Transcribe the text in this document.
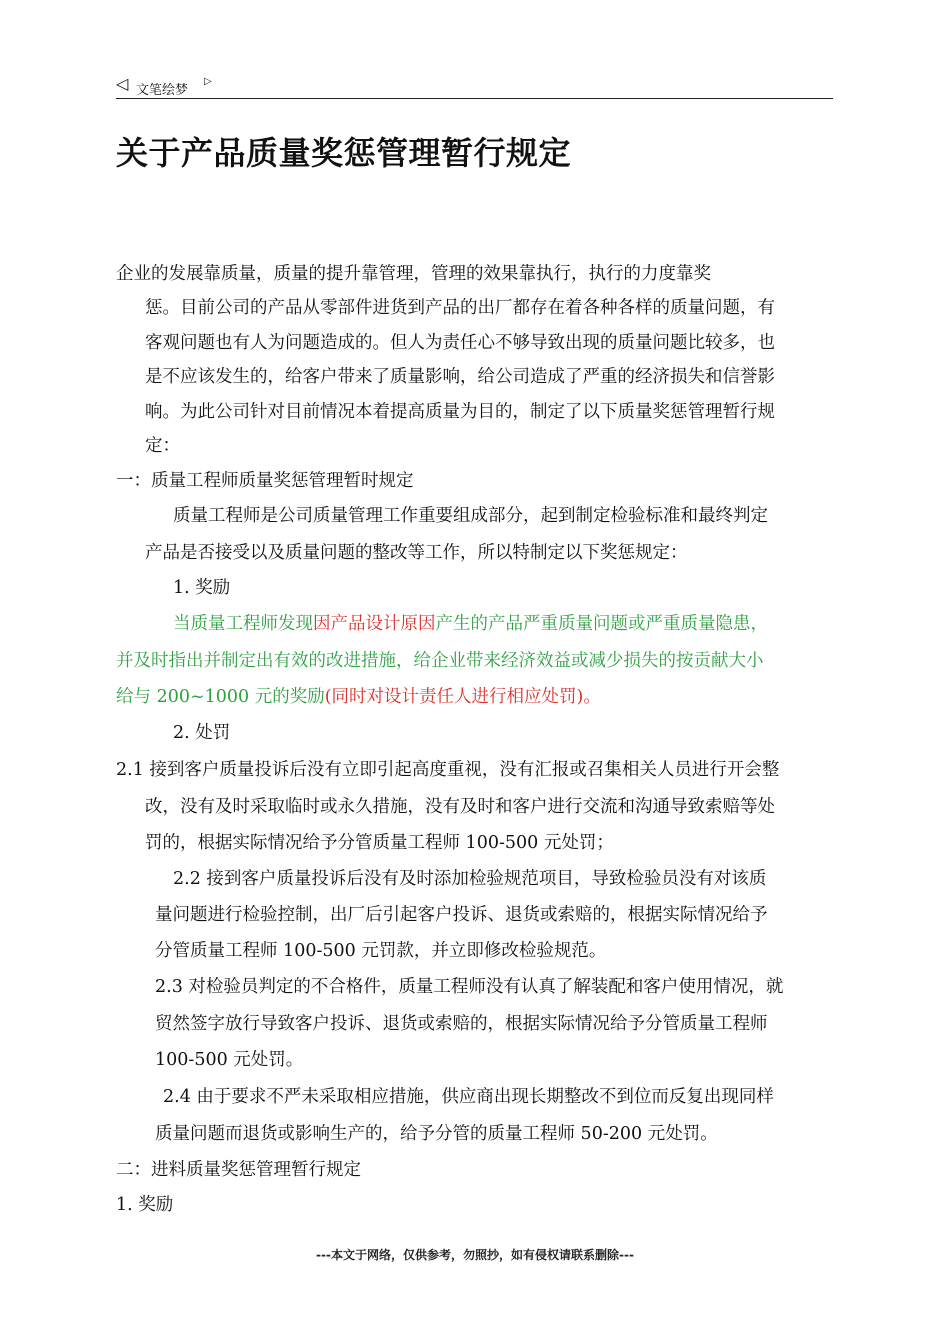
◁ 文笔绘梦
▷
关于产品质量奖惩管理暂行规定
企业的发展靠质量，质量的提升靠管理，管理的效果靠执行，执行的力度靠奖
惩。目前公司的产品从零部件进货到产品的出厂都存在着各种各样的质量问题，有
客观问题也有人为问题造成的。但人为责任心不够导致出现的质量问题比较多，也
是不应该发生的，给客户带来了质量影响，给公司造成了严重的经济损失和信誉影
响。为此公司针对目前情况本着提高质量为目的，制定了以下质量奖惩管理暂行规
定：
一：质量工程师质量奖惩管理暂时规定
质量工程师是公司质量管理工作重要组成部分，起到制定检验标准和最终判定
产品是否接受以及质量问题的整改等工作，所以特制定以下奖惩规定：
1. 奖励
当质量工程师发现因产品设计原因产生的产品严重质量问题或严重质量隐患，
并及时指出并制定出有效的改进措施，给企业带来经济效益或减少损失的按贡献大小
给与 200~1000 元的奖励(同时对设计责任人进行相应处罚)。
2. 处罚
2.1 接到客户质量投诉后没有立即引起高度重视，没有汇报或召集相关人员进行开会整
改，没有及时采取临时或永久措施，没有及时和客户进行交流和沟通导致索赔等处
罚的，根据实际情况给予分管质量工程师 100-500 元处罚；
2.2 接到客户质量投诉后没有及时添加检验规范项目，导致检验员没有对该质
量问题进行检验控制，出厂后引起客户投诉、退货或索赔的，根据实际情况给予
分管质量工程师 100-500 元罚款，并立即修改检验规范。
2.3 对检验员判定的不合格件，质量工程师没有认真了解装配和客户使用情况，就
贸然签字放行导致客户投诉、退货或索赔的，根据实际情况给予分管质量工程师
100-500 元处罚。
2.4 由于要求不严未采取相应措施，供应商出现长期整改不到位而反复出现同样
质量问题而退货或影响生产的，给予分管的质量工程师 50-200 元处罚。
二：进料质量奖惩管理暂行规定
1. 奖励
---本文于网络，仅供参考，勿照抄，如有侵权请联系删除---
